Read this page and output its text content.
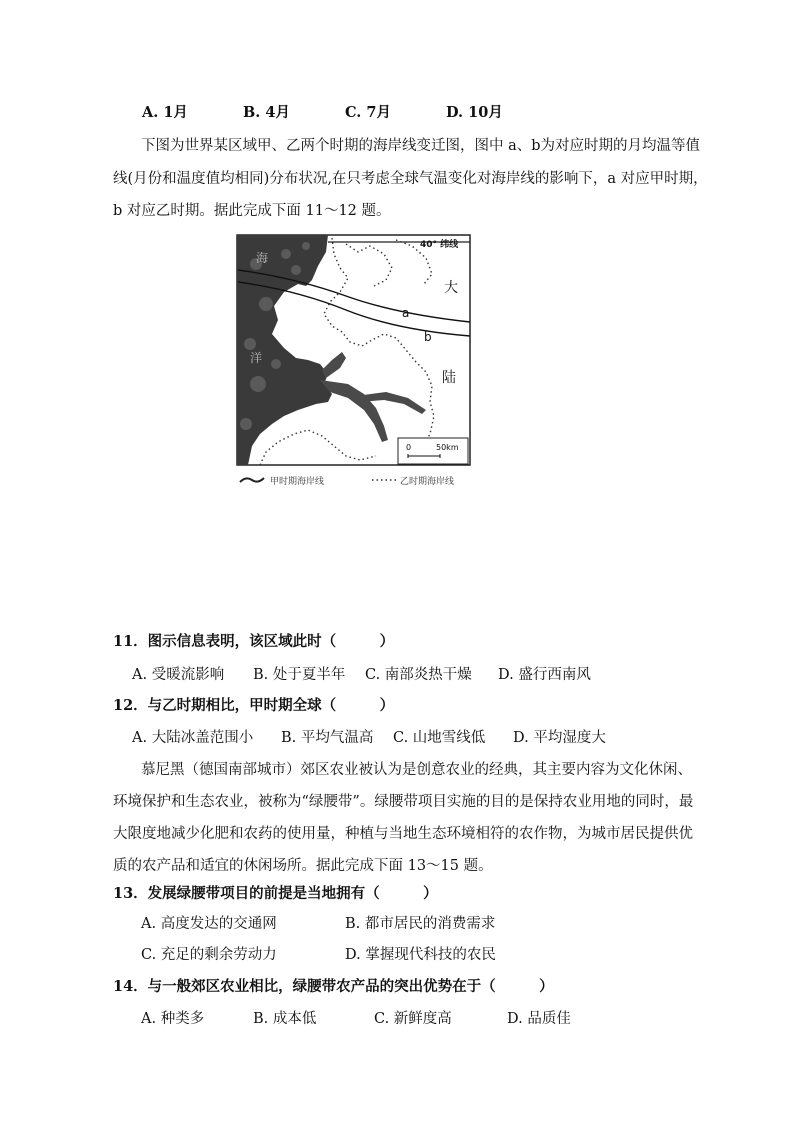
A. 1月	B. 4月	C. 7月	D. 10月
下图为世界某区域甲、乙两个时期的海岸线变迁图，图中 a、b为对应时期的月均温等值
线(月份和温度值均相同)分布状况,在只考虑全球气温变化对海岸线的影响下，a 对应甲时期，
b 对应乙时期。据此完成下面 11～12 题。
40° 纬线
海
洋
大
陆
a
b
0	50km
甲时期海岸线	乙时期海岸线
11．图示信息表明，该区域此时（　　　）
A. 受暖流影响 B. 处于夏半年 C. 南部炎热干燥 D. 盛行西南风
12．与乙时期相比，甲时期全球（　　　）
A. 大陆冰盖范围小 B. 平均气温高 C. 山地雪线低 D. 平均湿度大
慕尼黑（德国南部城市）郊区农业被认为是创意农业的经典，其主要内容为文化休闲、
环境保护和生态农业，被称为“绿腰带”。绿腰带项目实施的目的是保持农业用地的同时，最
大限度地减少化肥和农药的使用量，种植与当地生态环境相符的农作物，为城市居民提供优
质的农产品和适宜的休闲场所。据此完成下面 13～15 题。
13．发展绿腰带项目的前提是当地拥有（　　　）
A. 高度发达的交通网	B. 都市居民的消费需求
C. 充足的剩余劳动力	D. 掌握现代科技的农民
14．与一般郊区农业相比，绿腰带农产品的突出优势在于（　　　）
A. 种类多	B. 成本低	C. 新鲜度高	D. 品质佳
